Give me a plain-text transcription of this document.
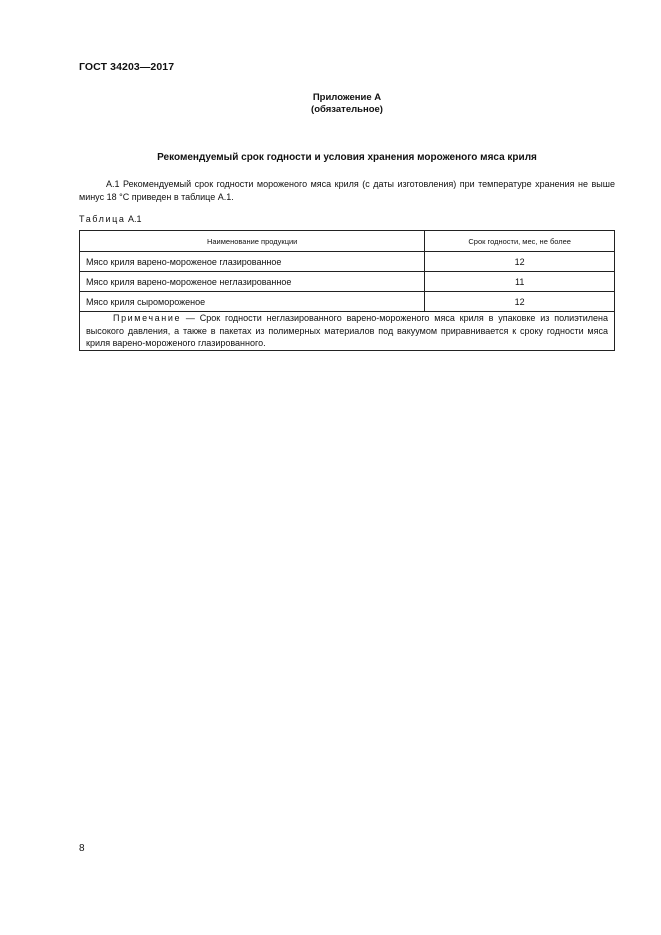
ГОСТ 34203—2017
Приложение А
(обязательное)
Рекомендуемый срок годности и условия хранения мороженого мяса криля
А.1 Рекомендуемый срок годности мороженого мяса криля (с даты изготовления) при температуре хранения не выше минус 18 °С приведен в таблице А.1.
Таблица А.1
Наименование продукции	Срок годности, мес, не более
Мясо криля варено-мороженое глазированное	12
Мясо криля варено-мороженое неглазированное	11
Мясо криля сыромороженое	12
Примечание — Срок годности неглазированного варено-мороженого мяса криля в упаковке из полиэтилена высокого давления, а также в пакетах из полимерных материалов под вакуумом приравнивается к сроку годности мяса криля варено-мороженого глазированного.	
8
